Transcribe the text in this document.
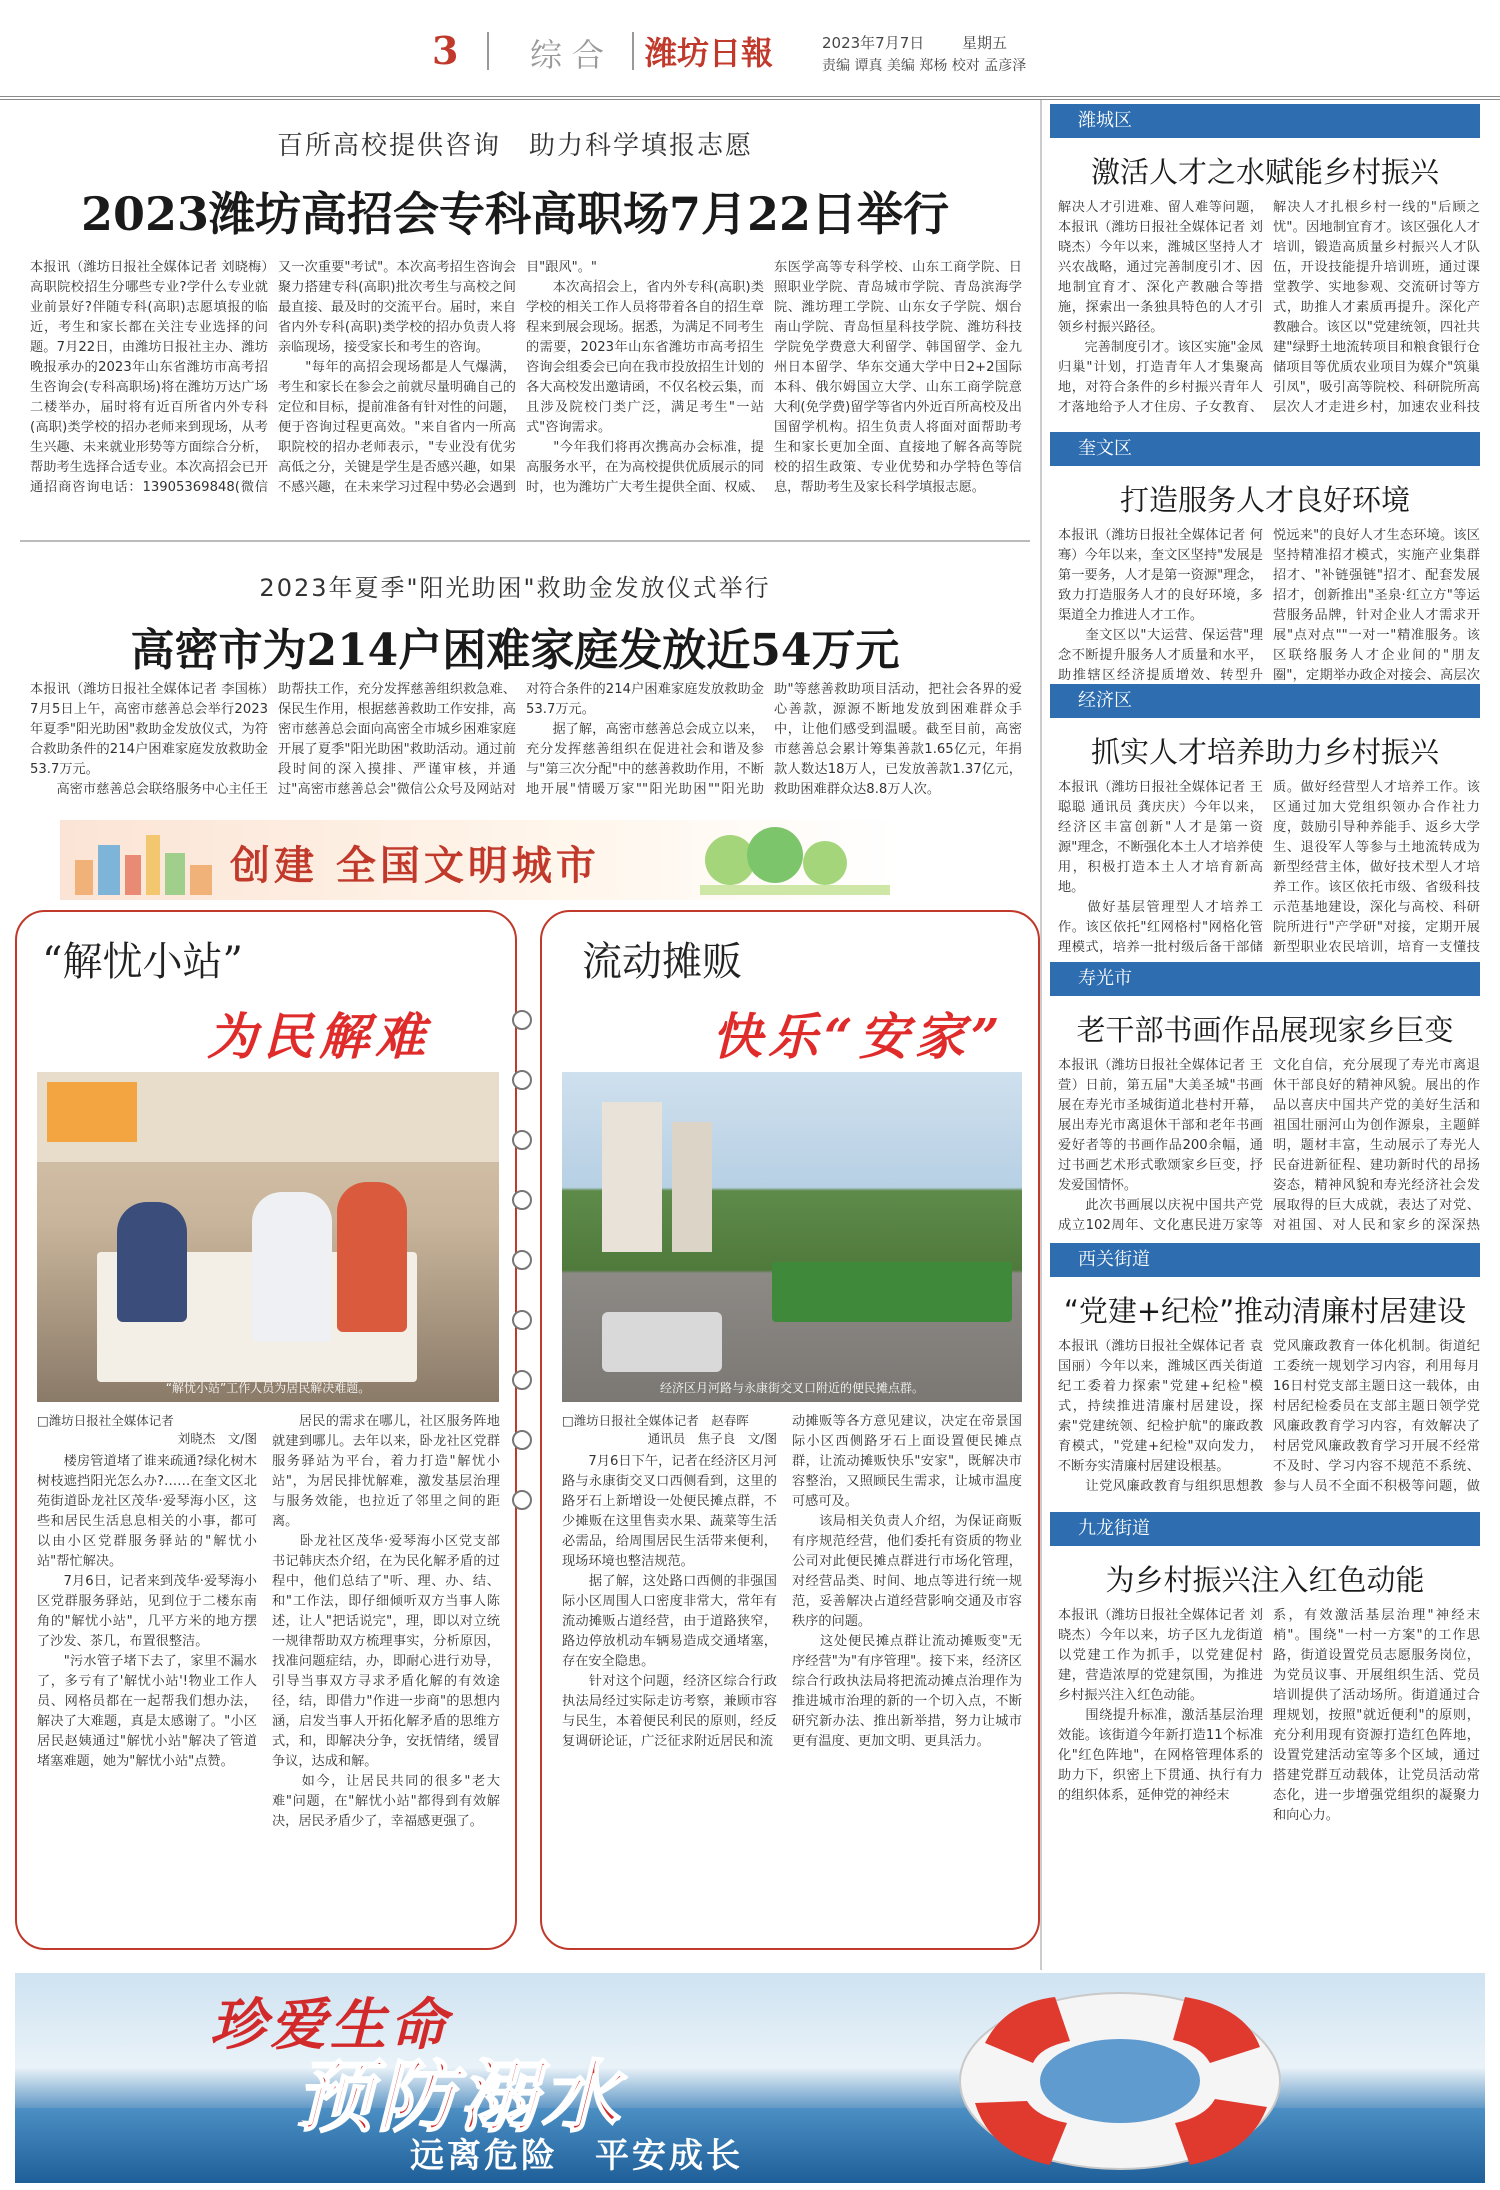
3 综合 潍坊日報	2023年7月7日	星期五
责编 谭真 美编 郑杨 校对 孟彦泽
百所高校提供咨询　助力科学填报志愿
2023潍坊高招会专科高职场7月22日举行
本报讯（潍坊日报社全媒体记者 刘晓梅）高职院校招生分哪些专业?学什么专业就业前景好?伴随专科(高职)志愿填报的临近，考生和家长都在关注专业选择的问题。7月22日，由潍坊日报社主办、潍坊晚报承办的2023年山东省潍坊市高考招生咨询会(专科高职场)将在潍坊万达广场二楼举办，届时将有近百所省内外专科(高职)类学校的招办老师来到现场，从考生兴趣、未来就业形势等方面综合分析，帮助考生选择合适专业。本次高招会已开通招商咨询电话：13905369848(微信

又一次重要"考试"。本次高考招生咨询会聚力搭建专科(高职)批次考生与高校之间最直接、最及时的交流平台。届时，来自省内外专科(高职)类学校的招办负责人将亲临现场，接受家长和考生的咨询。
　　"每年的高招会现场都是人气爆满，考生和家长在参会之前就尽量明确自己的定位和目标，提前准备有针对性的问题，便于咨询过程更高效。"来自省内一所高职院校的招办老师表示，"专业没有优劣高低之分，关键是学生是否感兴趣，如果不感兴趣，在未来学习过程中势必会遇到
目"跟风"。"
　　本次高招会上，省内外专科(高职)类学校的相关工作人员将带着各自的招生章程来到展会现场。据悉，为满足不同考生的需要，2023年山东省潍坊市高考招生咨询会组委会已向在我市投放招生计划的各大高校发出邀请函，不仅名校云集，而且涉及院校门类广泛，满足考生"一站式"咨询需求。
　　"今年我们将再次携高办会标准，提高服务水平，在为高校提供优质展示的同时，也为潍坊广大考生提供全面、权威、

东医学高等专科学校、山东工商学院、日照职业学院、青岛城市学院、青岛滨海学院、潍坊理工学院、山东女子学院、烟台南山学院、青岛恒星科技学院、潍坊科技学院免学费意大利留学、韩国留学、金九州日本留学、华东交通大学中日2+2国际本科、俄尔姆国立大学、山东工商学院意大利(免学费)留学等省内外近百所高校及出国留学机构。招生负责人将面对面帮助考生和家长更加全面、直接地了解各高等院校的招生政策、专业优势和办学特色等信息，帮助考生及家长科学填报志愿。

2023年夏季"阳光助困"救助金发放仪式举行
高密市为214户困难家庭发放近54万元
本报讯（潍坊日报社全媒体记者 李国栋）7月5日上午，高密市慈善总会举行2023年夏季"阳光助困"救助金发放仪式，为符合救助条件的214户困难家庭发放救助金53.7万元。
　　高密市慈善总会联络服务中心主任王
助帮扶工作，充分发挥慈善组织救急难、保民生作用，根据慈善救助工作安排，高密市慈善总会面向高密全市城乡困难家庭开展了夏季"阳光助困"救助活动。通过前段时间的深入摸排、严谨审核，并通过"高密市慈善总会"微信公众号及网站对
对符合条件的214户困难家庭发放救助金53.7万元。
　　据了解，高密市慈善总会成立以来，充分发挥慈善组织在促进社会和谐及参与"第三次分配"中的慈善救助作用，不断地开展"情暖万家""阳光助困""阳光助
助"等慈善救助项目活动，把社会各界的爱心善款，源源不断地发放到困难群众手中，让他们感受到温暖。截至目前，高密市慈善总会累计筹集善款1.65亿元，年捐款人数达18万人，已发放善款1.37亿元，救助困难群众达8.8万人次。
创建 全国文明城市
“解忧小站”
为民解难
“解忧小站”工作人员为居民解决难题。
□潍坊日报社全媒体记者
刘晓杰　文/图
　　楼房管道堵了谁来疏通?绿化树木树枝遮挡阳光怎么办?……在奎文区北苑街道卧龙社区茂华·爱琴海小区，这些和居民生活息息相关的小事，都可以由小区党群服务驿站的"解忧小站"帮忙解决。
　　7月6日，记者来到茂华·爱琴海小区党群服务驿站，见到位于二楼东南角的"解忧小站"，几平方米的地方摆了沙发、茶几，布置很整洁。
　　"污水管子堵下去了，家里不漏水了，多亏有了'解忧小站'!物业工作人员、网格员都在一起帮我们想办法，解决了大难题，真是太感谢了。"小区居民赵姨通过"解忧小站"解决了管道堵塞难题，她为"解忧小站"点赞。
　　居民的需求在哪儿，社区服务阵地就建到哪儿。去年以来，卧龙社区党群服务驿站为平台，着力打造"解忧小站"，为居民排忧解难，激发基层治理与服务效能，也拉近了邻里之间的距离。
　　卧龙社区茂华·爱琴海小区党支部书记韩庆杰介绍，在为民化解矛盾的过程中，他们总结了"听、理、办、结、和"工作法，即仔细倾听双方当事人陈述，让人"把话说完"，理，即以对立统一规律帮助双方梳理事实，分析原因，找准问题症结，办，即耐心进行劝导，引导当事双方寻求矛盾化解的有效途径，结，即借力"作进一步商"的思想内涵，启发当事人开拓化解矛盾的思维方式，和，即解决分争，安抚情绪，缓冒争议，达成和解。
　　如今，让居民共同的很多"老大难"问题，在"解忧小站"都得到有效解决，居民矛盾少了，幸福感更强了。
流动摊贩
快乐“安家”
经济区月河路与永康街交叉口附近的便民摊点群。
□潍坊日报社全媒体记者　赵春晖
通讯员　焦子良　文/图
　　7月6日下午，记者在经济区月河路与永康街交叉口西侧看到，这里的路牙石上新增设一处便民摊点群，不少摊贩在这里售卖水果、蔬菜等生活必需品，给周围居民生活带来便利，现场环境也整洁规范。
　　据了解，这处路口西侧的非强国际小区周围人口密度非常大，常年有流动摊贩占道经营，由于道路狭窄，路边停放机动车辆易造成交通堵塞，存在安全隐患。
　　针对这个问题，经济区综合行政执法局经过实际走访考察，兼顾市容与民生，本着便民利民的原则，经反复调研论证，广泛征求附近居民和流
动摊贩等各方意见建议，决定在帝景国际小区西侧路牙石上面设置便民摊点群，让流动摊贩快乐"安家"，既解决市容整治，又照顾民生需求，让城市温度可感可及。
　　该局相关负责人介绍，为保证商贩有序规范经营，他们委托有资质的物业公司对此便民摊点群进行市场化管理，对经营品类、时间、地点等进行统一规范，妥善解决占道经营影响交通及市容秩序的问题。
　　这处便民摊点群让流动摊贩变"无序经营"为"有序管理"。接下来，经济区综合行政执法局将把流动摊点治理作为推进城市治理的新的一个切入点，不断研究新办法、推出新举措，努力让城市更有温度、更加文明、更具活力。
潍城区
激活人才之水赋能乡村振兴
解决人才引进难、留人难等问题，本报讯（潍坊日报社全媒体记者 刘晓杰）今年以来，潍城区坚持人才兴农战略，通过完善制度引才、因地制宜育才、深化产教融合等措施，探索出一条独具特色的人才引领乡村振兴路径。
　　完善制度引才。该区实施"金凤归巢"计划，打造青年人才集聚高地，对符合条件的乡村振兴青年人才落地给予人才住房、子女教育、
解决人才扎根乡村一线的"后顾之忧"。因地制宜育才。该区强化人才培训，锻造高质量乡村振兴人才队伍，开设技能提升培训班，通过课堂教学、实地参观、交流研讨等方式，助推人才素质再提升。深化产教融合。该区以"党建统领，四社共建"绿野土地流转项目和粮食银行仓储项目等优质农业项目为媒介"筑巢引凤"，吸引高等院校、科研院所高层次人才走进乡村，加速农业科技
奎文区
打造服务人才良好环境
本报讯（潍坊日报社全媒体记者 何骞）今年以来，奎文区坚持"发展是第一要务，人才是第一资源"理念，致力打造服务人才的良好环境，多渠道全力推进人才工作。
　　奎文区以"大运营、保运营"理念不断提升服务人才质量和水平，助推辖区经济提质增效、转型升
悦远来"的良好人才生态环境。该区坚持精准招才模式，实施产业集群招才、"补链强链"招才、配套发展招才，创新推出"圣泉·红立方"等运营服务品牌，针对企业人才需求开展"点对点""一对一"精准服务。该区联络服务人才企业间的"朋友圈"，定期举办政企对接会、高层次
经济区
抓实人才培养助力乡村振兴
本报讯（潍坊日报社全媒体记者 王聪聪 通讯员 龚庆庆）今年以来，经济区丰富创新"人才是第一资源"理念，不断强化本土人才培养使用，积极打造本土人才培育新高地。
　　做好基层管理型人才培养工作。该区依托"红网格村"网格化管理模式，培养一批村级后备干部储
质。做好经营型人才培养工作。该区通过加大党组织领办合作社力度，鼓励引导种养能手、返乡大学生、退役军人等参与土地流转成为新型经营主体，做好技术型人才培养工作。该区依托市级、省级科技示范基地建设，深化与高校、科研院所进行"产学研"对接，定期开展新型职业农民培训，培育一支懂技
寿光市
老干部书画作品展现家乡巨变
本报讯（潍坊日报社全媒体记者 王萱）日前，第五届"大美圣城"书画展在寿光市圣城街道北巷村开幕，展出寿光市离退休干部和老年书画爱好者等的书画作品200余幅，通过书画艺术形式歌颂家乡巨变，抒发爱国情怀。
　　此次书画展以庆祝中国共产党成立102周年、文化惠民进万家等
文化自信，充分展现了寿光市离退休干部良好的精神风貌。展出的作品以喜庆中国共产党的美好生活和祖国壮丽河山为创作源泉，主题鲜明，题材丰富，生动展示了寿光人民奋进新征程、建功新时代的昂扬姿态，精神风貌和寿光经济社会发展取得的巨大成就，表达了对党、对祖国、对人民和家乡的深深热
西关街道
“党建+纪检”推动清廉村居建设
本报讯（潍坊日报社全媒体记者 袁国丽）今年以来，潍城区西关街道纪工委着力探索"党建+纪检"模式，持续推进清廉村居建设，探索"党建统领、纪检护航"的廉政教育模式，"党建+纪检"双向发力，不断夯实清廉村居建设根基。
　　让党风廉政教育与组织思想教
党风廉政教育一体化机制。街道纪工委统一规划学习内容，利用每月16日村党支部主题日这一载体，由村居纪检委员在支部主题日领学党风廉政教育学习内容，有效解决了村居党风廉政教育学习开展不经常不及时、学习内容不规范不系统、参与人员不全面不积极等问题，做
九龙街道
为乡村振兴注入红色动能
本报讯（潍坊日报社全媒体记者 刘晓杰）今年以来，坊子区九龙街道以党建工作为抓手，以党建促村建，营造浓厚的党建氛围，为推进乡村振兴注入红色动能。
　　围绕提升标准，激活基层治理效能。该街道今年新打造11个标准化"红色阵地"，在网格管理体系的助力下，织密上下贯通、执行有力的组织体系，延伸党的神经末
系，有效激活基层治理"神经末梢"。围绕"一村一方案"的工作思路，街道设置党员志愿服务岗位，为党员议事、开展组织生活、党员培训提供了活动场所。街道通过合理规划，按照"就近便利"的原则，充分利用现有资源打造红色阵地，设置党建活动室等多个区域，通过搭建党群互动载体，让党员活动常态化，进一步增强党组织的凝聚力和向心力。
珍爱生命
预防溺水
远离危险　平安成长
